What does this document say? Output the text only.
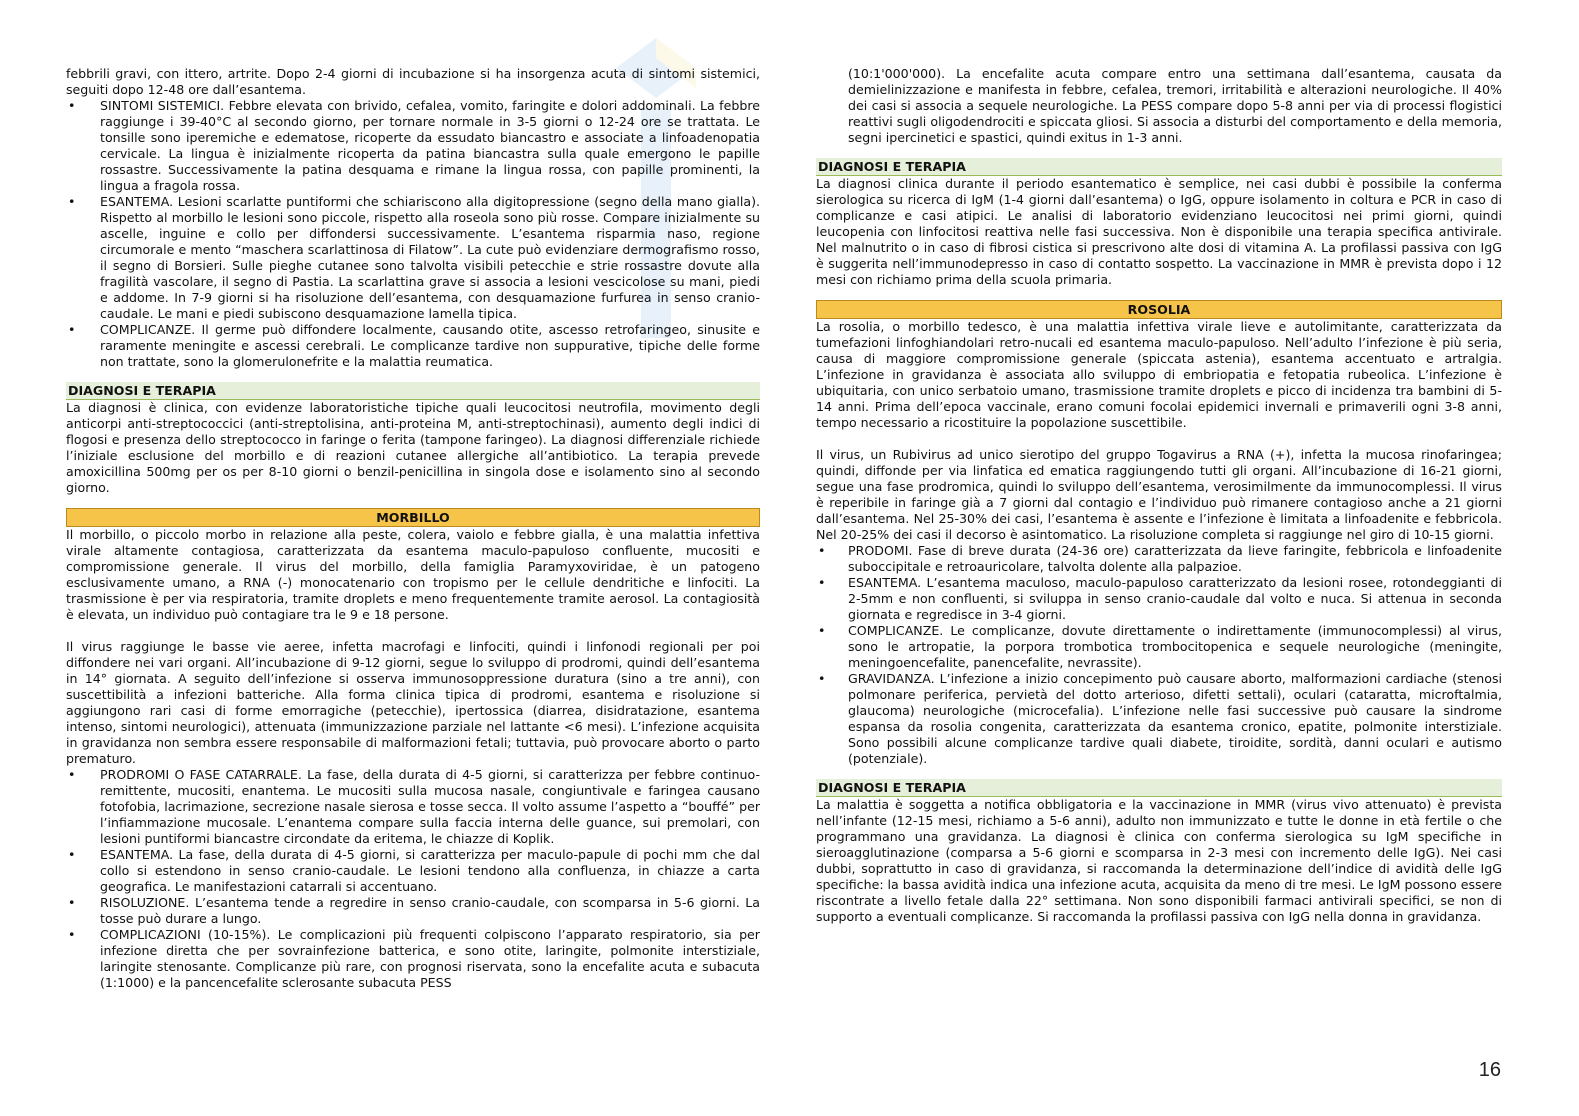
febbrili gravi, con ittero, artrite. Dopo 2-4 giorni di incubazione si ha insorgenza acuta di sintomi sistemici, seguiti dopo 12-48 ore dall’esantema.

• SINTOMI SISTEMICI. Febbre elevata con brivido, cefalea, vomito, faringite e dolori addominali. La febbre raggiunge i 39-40°C al secondo giorno, per tornare normale in 3-5 giorni o 12-24 ore se trattata. Le tonsille sono iperemiche e edematose, ricoperte da essudato biancastro e associate a linfoadenopatia cervicale. La lingua è inizialmente ricoperta da patina biancastra sulla quale emergono le papille rossastre. Successivamente la patina desquama e rimane la lingua rossa, con papille prominenti, la lingua a fragola rossa.
• ESANTEMA. Lesioni scarlatte puntiformi che schiariscono alla digitopressione (segno della mano gialla). Rispetto al morbillo le lesioni sono piccole, rispetto alla roseola sono più rosse. Compare inizialmente su ascelle, inguine e collo per diffondersi successivamente. L’esantema risparmia naso, regione circumorale e mento “maschera scarlattinosa di Filatow”. La cute può evidenziare dermografismo rosso, il segno di Borsieri. Sulle pieghe cutanee sono talvolta visibili petecchie e strie rossastre dovute alla fragilità vascolare, il segno di Pastia. La scarlattina grave si associa a lesioni vescicolose su mani, piedi e addome. In 7-9 giorni si ha risoluzione dell’esantema, con desquamazione furfurea in senso cranio-caudale. Le mani e piedi subiscono desquamazione lamella tipica.
• COMPLICANZE. Il germe può diffondere localmente, causando otite, ascesso retrofaringeo, sinusite e raramente meningite e ascessi cerebrali. Le complicanze tardive non suppurative, tipiche delle forme non trattate, sono la glomerulonefrite e la malattia reumatica.
DIAGNOSI E TERAPIA

La diagnosi è clinica, con evidenze laboratoristiche tipiche quali leucocitosi neutrofila, movimento degli anticorpi anti-streptococcici (anti-streptolisina, anti-proteina M, anti-streptochinasi), aumento degli indici di flogosi e presenza dello streptococco in faringe o ferita (tampone faringeo). La diagnosi differenziale richiede l’iniziale esclusione del morbillo e di reazioni cutanee allergiche all’antibiotico. La terapia prevede amoxicillina 500mg per os per 8-10 giorni o benzil-penicillina in singola dose e isolamento sino al secondo giorno.

MORBILLO

Il morbillo, o piccolo morbo in relazione alla peste, colera, vaiolo e febbre gialla, è una malattia infettiva virale altamente contagiosa, caratterizzata da esantema maculo-papuloso confluente, mucositi e compromissione generale. Il virus del morbillo, della famiglia Paramyxoviridae, è un patogeno esclusivamente umano, a RNA (-) monocatenario con tropismo per le cellule dendritiche e linfociti. La trasmissione è per via respiratoria, tramite droplets e meno frequentemente tramite aerosol. La contagiosità è elevata, un individuo può contagiare tra le 9 e 18 persone.

Il virus raggiunge le basse vie aeree, infetta macrofagi e linfociti, quindi i linfonodi regionali per poi diffondere nei vari organi. All’incubazione di 9-12 giorni, segue lo sviluppo di prodromi, quindi dell’esantema in 14° giornata. A seguito dell’infezione si osserva immunosoppressione duratura (sino a tre anni), con suscettibilità a infezioni batteriche. Alla forma clinica tipica di prodromi, esantema e risoluzione si aggiungono rari casi di forme emorragiche (petecchie), ipertossica (diarrea, disidratazione, esantema intenso, sintomi neurologici), attenuata (immunizzazione parziale nel lattante <6 mesi). L’infezione acquisita in gravidanza non sembra essere responsabile di malformazioni fetali; tuttavia, può provocare aborto o parto prematuro.

• PRODROMI O FASE CATARRALE. La fase, della durata di 4-5 giorni, si caratterizza per febbre continuo-remittente, mucositi, enantema. Le mucositi sulla mucosa nasale, congiuntivale e faringea causano fotofobia, lacrimazione, secrezione nasale sierosa e tosse secca. Il volto assume l’aspetto a “bouffé” per l’infiammazione mucosale. L’enantema compare sulla faccia interna delle guance, sui premolari, con lesioni puntiformi biancastre circondate da eritema, le chiazze di Koplik.
• ESANTEMA. La fase, della durata di 4-5 giorni, si caratterizza per maculo-papule di pochi mm che dal collo si estendono in senso cranio-caudale. Le lesioni tendono alla confluenza, in chiazze a carta geografica. Le manifestazioni catarrali si accentuano.
• RISOLUZIONE. L’esantema tende a regredire in senso cranio-caudale, con scomparsa in 5-6 giorni. La tosse può durare a lungo.
• COMPLICAZIONI (10-15%). Le complicazioni più frequenti colpiscono l’apparato respiratorio, sia per infezione diretta che per sovrainfezione batterica, e sono otite, laringite, polmonite interstiziale, laringite stenosante. Complicanze più rare, con prognosi riservata, sono la encefalite acuta e subacuta (1:1000) e la pancencefalite sclerosante subacuta PESS

(10:1'000'000). La encefalite acuta compare entro una settimana dall’esantema, causata da demielinizzazione e manifesta in febbre, cefalea, tremori, irritabilità e alterazioni neurologiche. Il 40% dei casi si associa a sequele neurologiche. La PESS compare dopo 5-8 anni per via di processi flogistici reattivi sugli oligodendrociti e spiccata gliosi. Si associa a disturbi del comportamento e della memoria, segni ipercinetici e spastici, quindi exitus in 1-3 anni.

DIAGNOSI E TERAPIA

La diagnosi clinica durante il periodo esantematico è semplice, nei casi dubbi è possibile la conferma sierologica su ricerca di IgM (1-4 giorni dall’esantema) o IgG, oppure isolamento in coltura e PCR in caso di complicanze e casi atipici. Le analisi di laboratorio evidenziano leucocitosi nei primi giorni, quindi leucopenia con linfocitosi reattiva nelle fasi successiva. Non è disponibile una terapia specifica antivirale. Nel malnutrito o in caso di fibrosi cistica si prescrivono alte dosi di vitamina A. La profilassi passiva con IgG è suggerita nell’immunodepresso in caso di contatto sospetto. La vaccinazione in MMR è prevista dopo i 12 mesi con richiamo prima della scuola primaria.

ROSOLIA

La rosolia, o morbillo tedesco, è una malattia infettiva virale lieve e autolimitante, caratterizzata da tumefazioni linfoghiandolari retro-nucali ed esantema maculo-papuloso. Nell’adulto l’infezione è più seria, causa di maggiore compromissione generale (spiccata astenia), esantema accentuato e artralgia. L’infezione in gravidanza è associata allo sviluppo di embriopatia e fetopatia rubeolica. L’infezione è ubiquitaria, con unico serbatoio umano, trasmissione tramite droplets e picco di incidenza tra bambini di 5-14 anni. Prima dell’epoca vaccinale, erano comuni focolai epidemici invernali e primaverili ogni 3-8 anni, tempo necessario a ricostituire la popolazione suscettibile.

Il virus, un Rubivirus ad unico sierotipo del gruppo Togavirus a RNA (+), infetta la mucosa rinofaringea; quindi, diffonde per via linfatica ed ematica raggiungendo tutti gli organi. All’incubazione di 16-21 giorni, segue una fase prodromica, quindi lo sviluppo dell’esantema, verosimilmente da immunocomplessi. Il virus è reperibile in faringe già a 7 giorni dal contagio e l’individuo può rimanere contagioso anche a 21 giorni dall’esantema. Nel 25-30% dei casi, l’esantema è assente e l’infezione è limitata a linfoadenite e febbricola. Nel 20-25% dei casi il decorso è asintomatico. La risoluzione completa si raggiunge nel giro di 10-15 giorni.

• PRODOMI. Fase di breve durata (24-36 ore) caratterizzata da lieve faringite, febbricola e linfoadenite suboccipitale e retroauricolare, talvolta dolente alla palpazioe.
• ESANTEMA. L’esantema maculoso, maculo-papuloso caratterizzato da lesioni rosee, rotondeggianti di 2-5mm e non confluenti, si sviluppa in senso cranio-caudale dal volto e nuca. Si attenua in seconda giornata e regredisce in 3-4 giorni.
• COMPLICANZE. Le complicanze, dovute direttamente o indirettamente (immunocomplessi) al virus, sono le artropatie, la porpora trombotica trombocitopenica e sequele neurologiche (meningite, meningoencefalite, panencefalite, nevrassite).
• GRAVIDANZA. L’infezione a inizio concepimento può causare aborto, malformazioni cardiache (stenosi polmonare periferica, pervietà del dotto arterioso, difetti settali), oculari (cataratta, microftalmia, glaucoma) neurologiche (microcefalia). L’infezione nelle fasi successive può causare la sindrome espansa da rosolia congenita, caratterizzata da esantema cronico, epatite, polmonite interstiziale. Sono possibili alcune complicanze tardive quali diabete, tiroidite, sordità, danni oculari e autismo (potenziale).
DIAGNOSI E TERAPIA

La malattia è soggetta a notifica obbligatoria e la vaccinazione in MMR (virus vivo attenuato) è prevista nell’infante (12-15 mesi, richiamo a 5-6 anni), adulto non immunizzato e tutte le donne in età fertile o che programmano una gravidanza. La diagnosi è clinica con conferma sierologica su IgM specifiche in sieroagglutinazione (comparsa a 5-6 giorni e scomparsa in 2-3 mesi con incremento delle IgG). Nei casi dubbi, soprattutto in caso di gravidanza, si raccomanda la determinazione dell’indice di avidità delle IgG specifiche: la bassa avidità indica una infezione acuta, acquisita da meno di tre mesi. Le IgM possono essere riscontrate a livello fetale dalla 22° settimana. Non sono disponibili farmaci antivirali specifici, se non di supporto a eventuali complicanze. Si raccomanda la profilassi passiva con IgG nella donna in gravidanza.

16
